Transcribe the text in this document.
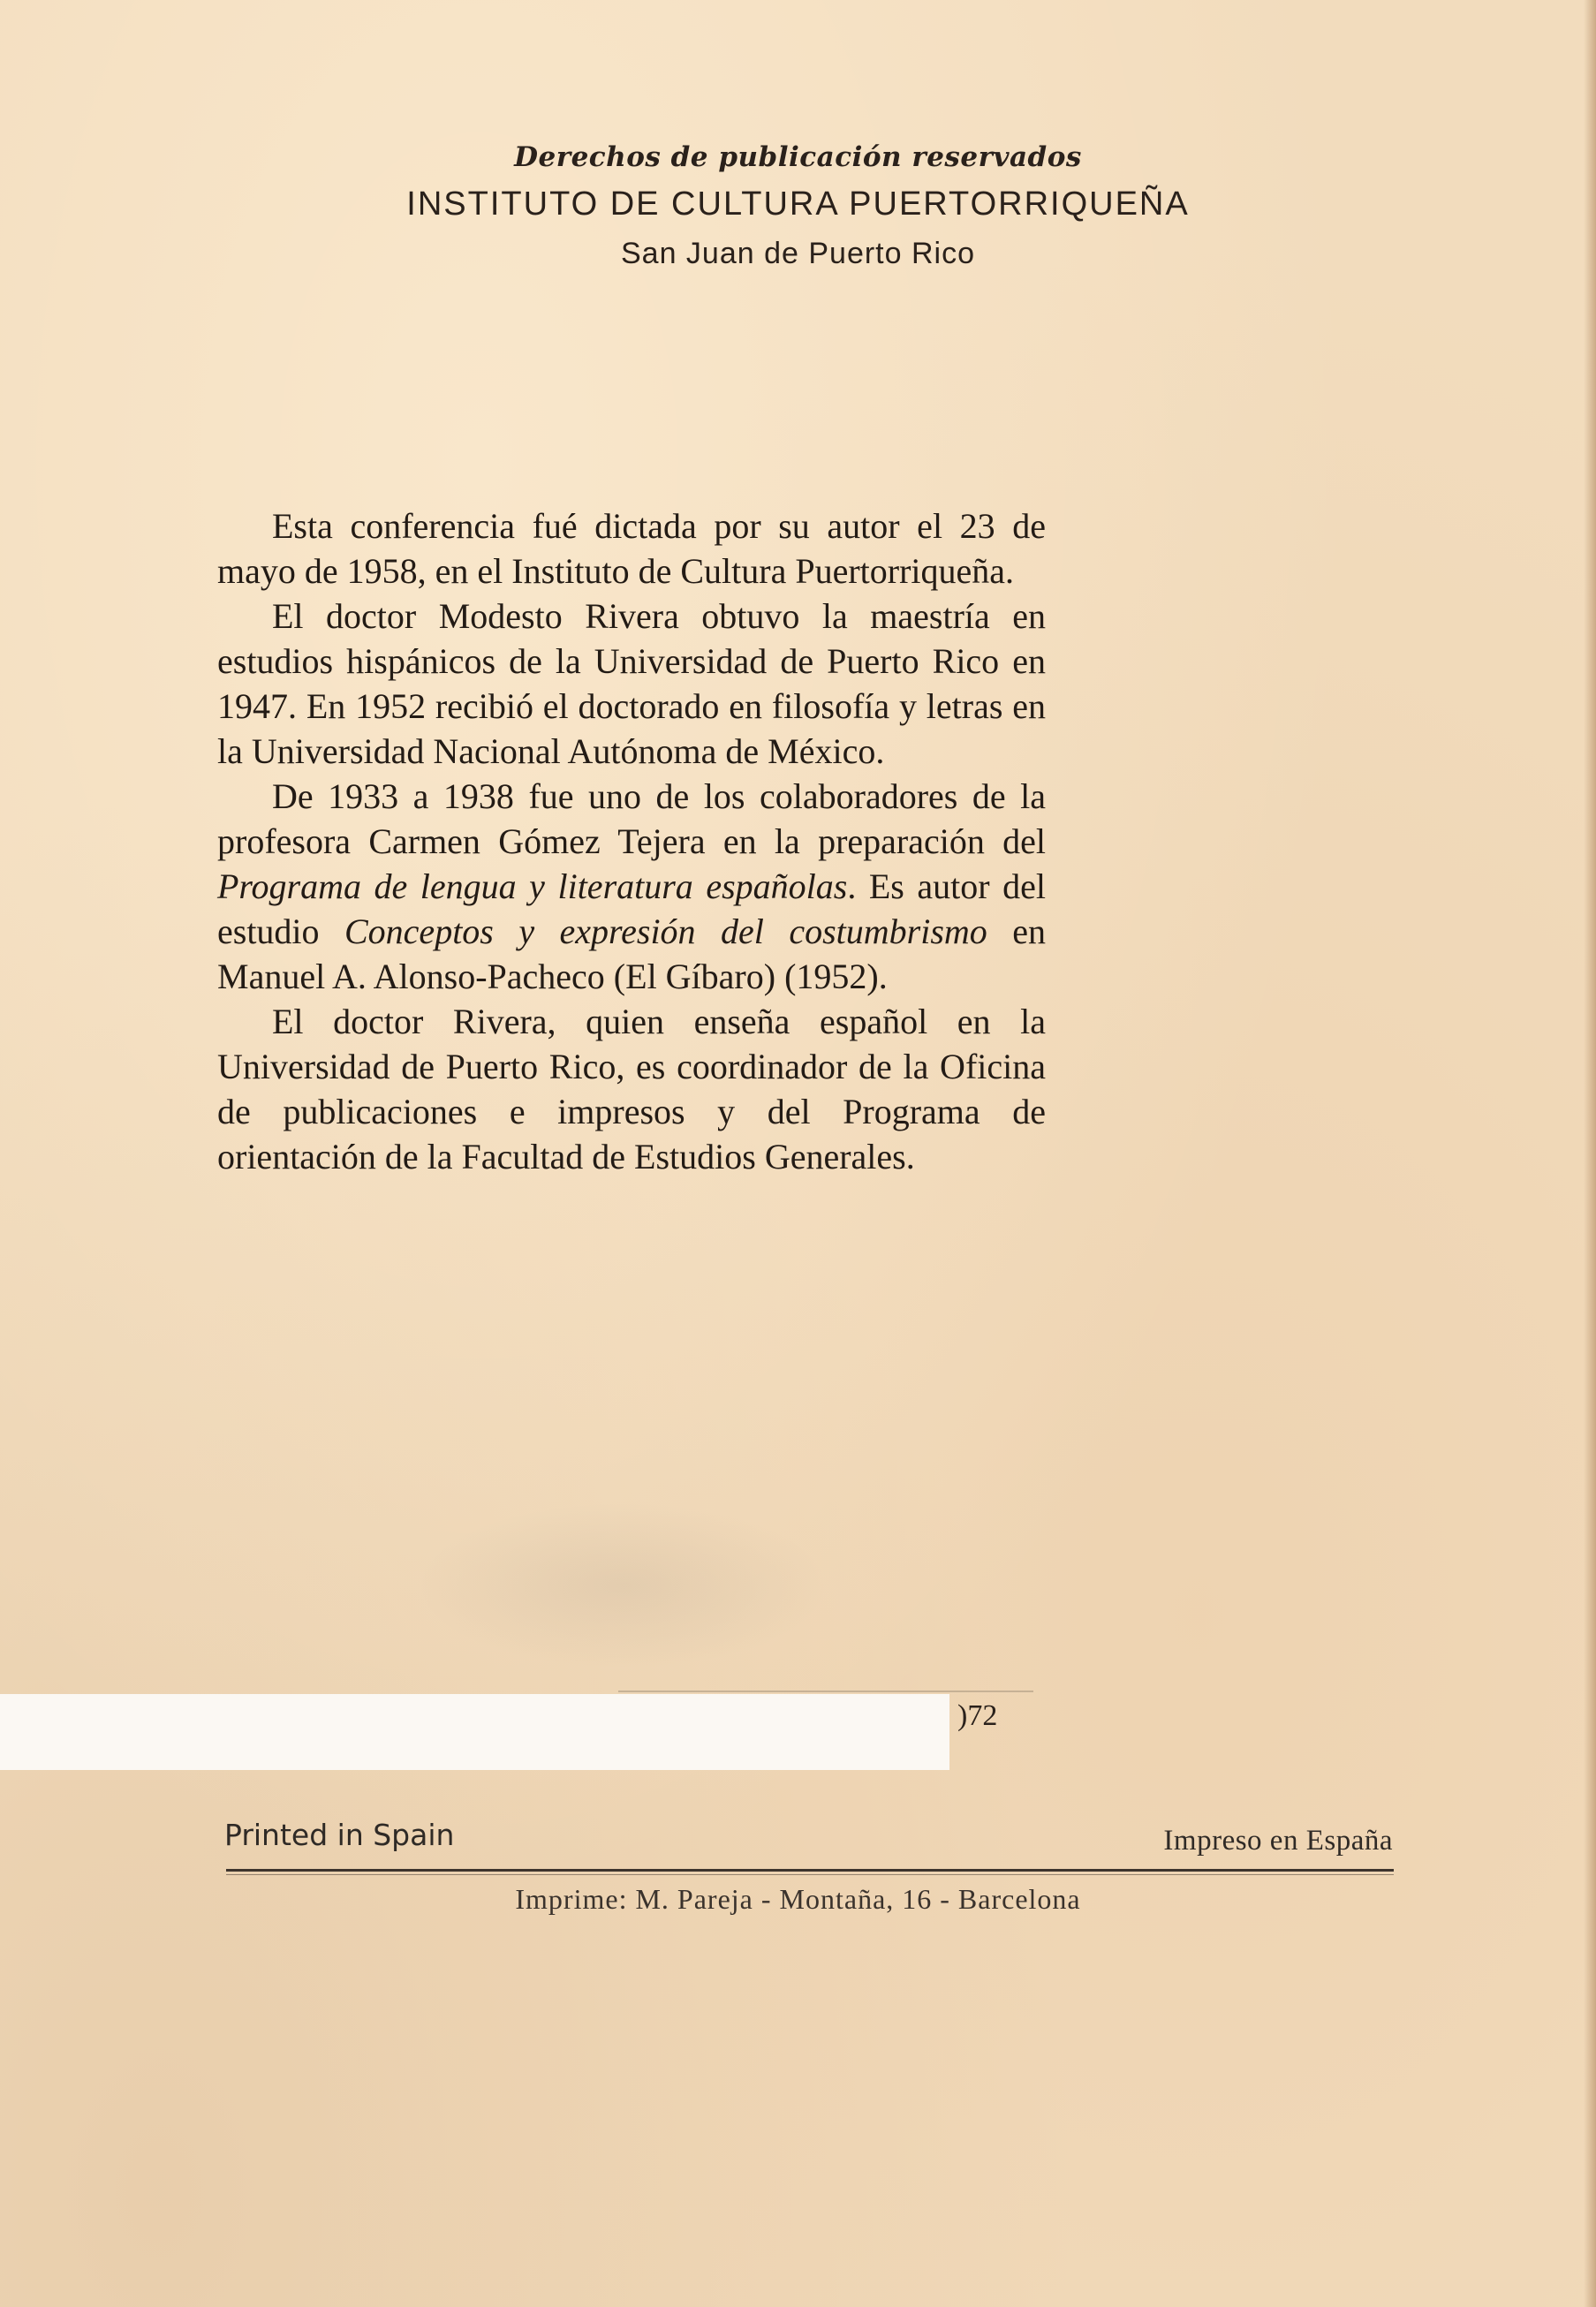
Derechos de publicación reservados
INSTITUTO DE CULTURA PUERTORRIQUEÑA
San Juan de Puerto Rico

Esta conferencia fué dictada por su autor el 23 de mayo de 1958, en el Instituto de Cultura Puertorriqueña.

El doctor Modesto Rivera obtuvo la maestría en estudios hispánicos de la Universidad de Puerto Rico en 1947. En 1952 recibió el doctorado en filosofía y letras en la Universidad Nacional Autónoma de México.

De 1933 a 1938 fue uno de los colaboradores de la profesora Carmen Gómez Tejera en la preparación del Programa de lengua y literatura españolas. Es autor del estudio Conceptos y expresión del costumbrismo en Manuel A. Alonso-Pacheco (El Gíbaro) (1952).

El doctor Rivera, quien enseña español en la Universidad de Puerto Rico, es coordinador de la Oficina de publicaciones e impresos y del Programa de orientación de la Facultad de Estudios Generales.

)72
Printed in Spain	Impreso en España
Imprime: M. Pareja - Montaña, 16 - Barcelona
